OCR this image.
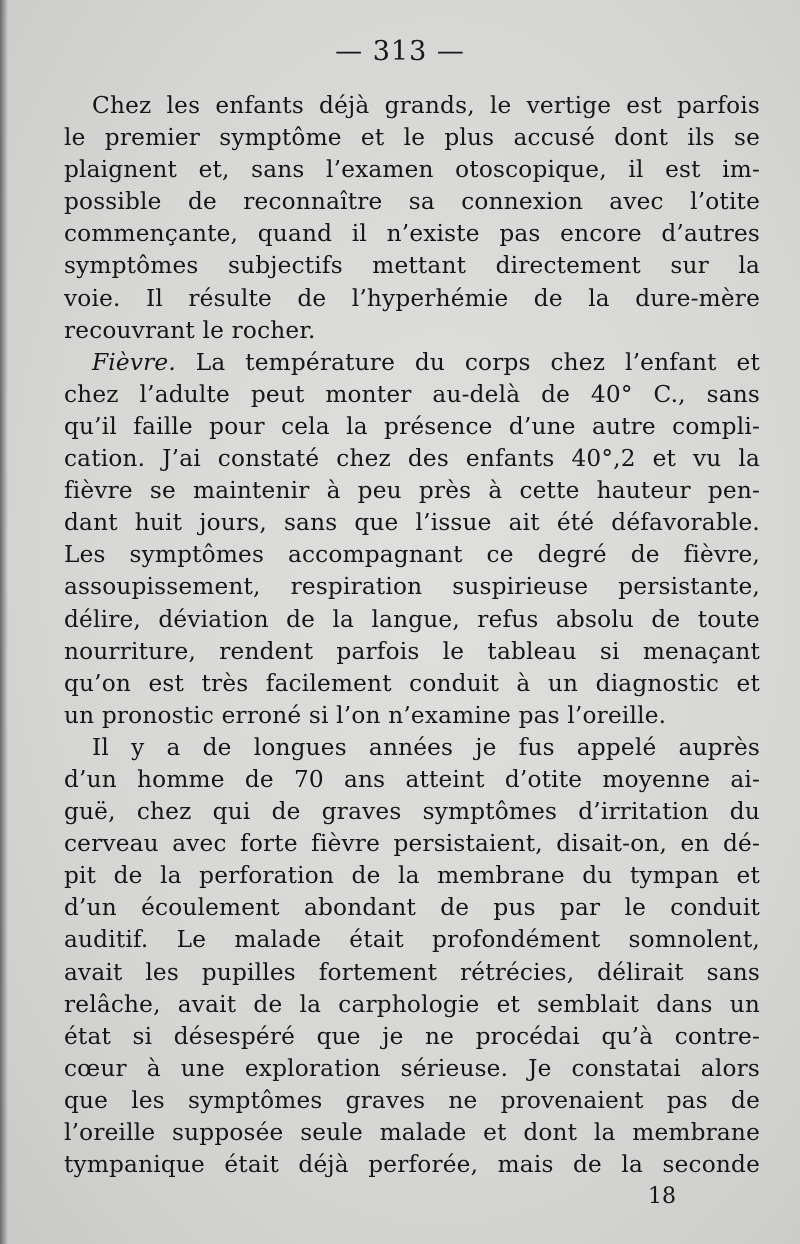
— 313 —
Chez les enfants déjà grands, le vertige est parfois
le premier symptôme et le plus accusé dont ils se
plaignent et, sans l’examen otoscopique, il est im-
possible de reconnaître sa connexion avec l’otite
commençante, quand il n’existe pas encore d’autres
symptômes subjectifs mettant directement sur la
voie. Il résulte de l’hyperhémie de la dure-mère
recouvrant le rocher.
Fièvre. La température du corps chez l’enfant et
chez l’adulte peut monter au-delà de 40° C., sans
qu’il faille pour cela la présence d’une autre compli-
cation. J’ai constaté chez des enfants 40°,2 et vu la
fièvre se maintenir à peu près à cette hauteur pen-
dant huit jours, sans que l’issue ait été défavorable.
Les symptômes accompagnant ce degré de fièvre,
assoupissement, respiration suspirieuse persistante,
délire, déviation de la langue, refus absolu de toute
nourriture, rendent parfois le tableau si menaçant
qu’on est très facilement conduit à un diagnostic et
un pronostic erroné si l’on n’examine pas l’oreille.
Il y a de longues années je fus appelé auprès
d’un homme de 70 ans atteint d’otite moyenne ai-
guë, chez qui de graves symptômes d’irritation du
cerveau avec forte fièvre persistaient, disait-on, en dé-
pit de la perforation de la membrane du tympan et
d’un écoulement abondant de pus par le conduit
auditif. Le malade était profondément somnolent,
avait les pupilles fortement rétrécies, délirait sans
relâche, avait de la carphologie et semblait dans un
état si désespéré que je ne procédai qu’à contre-
cœur à une exploration sérieuse. Je constatai alors
que les symptômes graves ne provenaient pas de
l’oreille supposée seule malade et dont la membrane
tympanique était déjà perforée, mais de la seconde
18
